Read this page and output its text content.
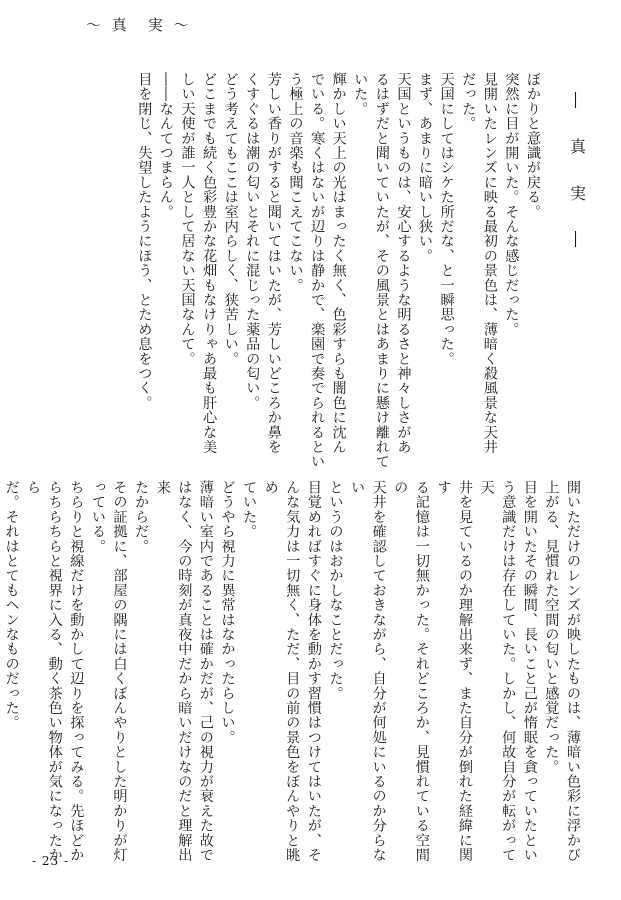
～ 真　実 ～
―
真
実
―

ぼかりと意識が戻る。

突然に目が開いた。そんな感じだった。

見開いたレンズに映る最初の景色は、薄暗く殺風景な天井

だった。

天国にしてはシケた所だな、と一瞬思った。

まず、あまりに暗いし狭い。

天国というものは、安心するような明るさと神々しさがあ

るはずだと聞いていたが、その風景とはあまりに懸け離れて

いた。

輝かしい天上の光はまったく無く、色彩すらも闇色に沈ん

でいる。寒くはないが辺りは静かで、楽園で奏でられるとい

う極上の音楽も聞こえてこない。

芳しい香りがすると聞いてはいたが、芳しいどころか鼻を

くすぐるは潮の匂いとそれに混じった薬品の匂い。

どう考えてもここは室内らしく、狭苦しい。

どこまでも続く色彩豊かな花畑もなけりゃあ最も肝心な美

しい天使が誰一人として居ない天国なんて。

――なんてつまらん。

目を閉じ、失望したようにほう、とため息をつく。

開いただけのレンズが映したものは、薄暗い色彩に浮かび

上がる、見慣れた空間の匂いと感覚だった。

目を開いたその瞬間、長いこと己が惰眠を貪っていたとい

う意識だけは存在していた。しかし、何故自分が転がって天

井を見ているのか理解出来ず、また自分が倒れた経緯に関す

る記憶は一切無かった。それどころか、見慣れている空間の

天井を確認しておきながら、自分が何処にいるのか分らない

というのはおかしなことだった。

目覚めればすぐに身体を動かす習慣はつけてはいたが、そ

んな気力は一切無く、ただ、目の前の景色をぼんやりと眺め

ていた。

どうやら視力に異常はなかったらしい。

薄暗い室内であることは確かだが、己の視力が衰えた故で

はなく、今の時刻が真夜中だから暗いだけなのだと理解出来

たからだ。

その証拠に、部屋の隅には白くぼんやりとした明かりが灯

っている。

ちらりと視線だけを動かして辺りを探ってみる。先ほどか

らちらちらと視界に入る、動く茶色い物体が気になったから

だ。それはとてもヘンなものだった。

- 23 -
